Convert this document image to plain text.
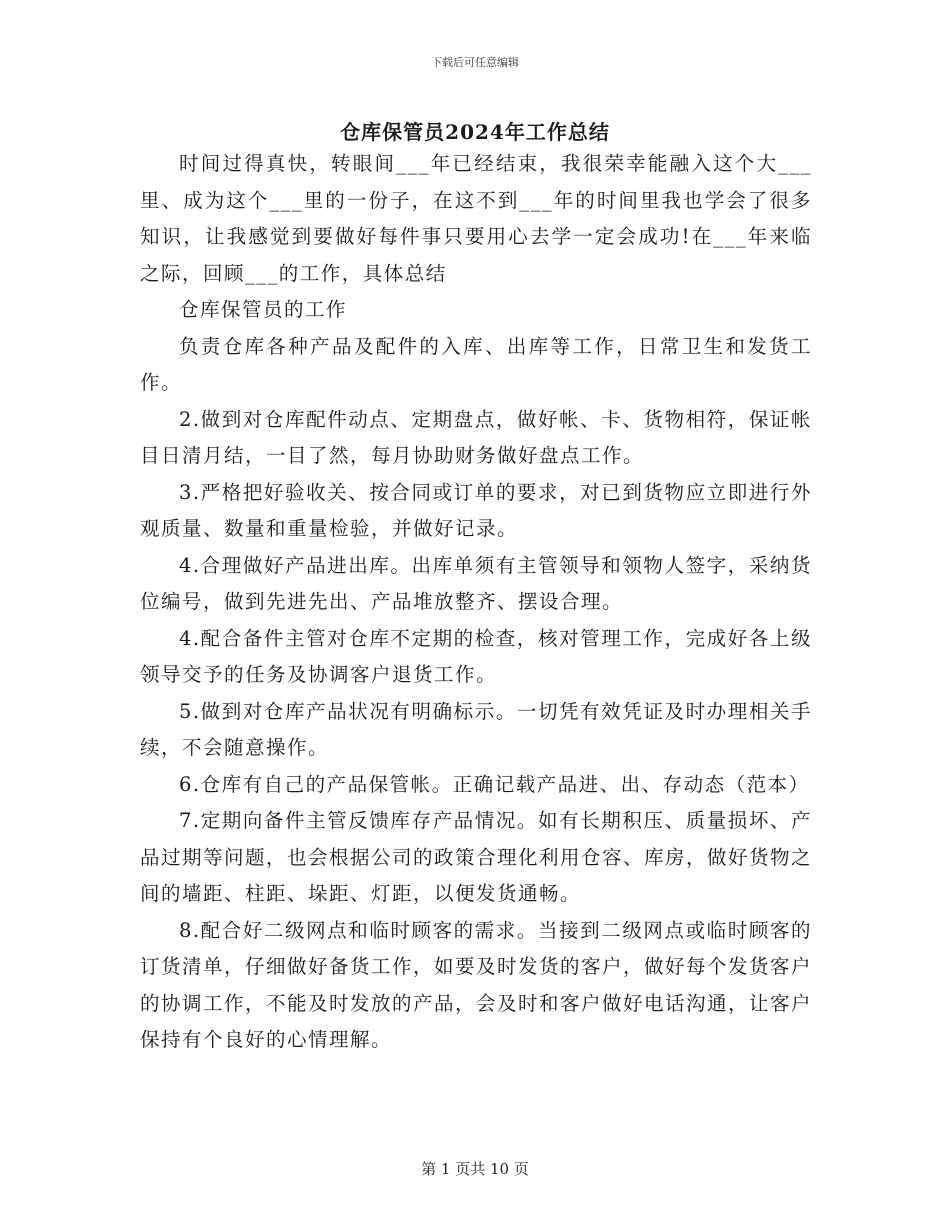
下载后可任意编辑
仓库保管员2024年工作总结

时间过得真快，转眼间___年已经结束，我很荣幸能融入这个大___里、成为这个___里的一份子，在这不到___年的时间里我也学会了很多知识，让我感觉到要做好每件事只要用心去学一定会成功!在___年来临之际，回顾___的工作，具体总结

仓库保管员的工作

负责仓库各种产品及配件的入库、出库等工作，日常卫生和发货工作。

2.做到对仓库配件动点、定期盘点，做好帐、卡、货物相符，保证帐目日清月结，一目了然，每月协助财务做好盘点工作。

3.严格把好验收关、按合同或订单的要求，对已到货物应立即进行外观质量、数量和重量检验，并做好记录。

4.合理做好产品进出库。出库单须有主管领导和领物人签字，采纳货位编号，做到先进先出、产品堆放整齐、摆设合理。

4.配合备件主管对仓库不定期的检查，核对管理工作，完成好各上级领导交予的任务及协调客户退货工作。

5.做到对仓库产品状况有明确标示。一切凭有效凭证及时办理相关手续，不会随意操作。

6.仓库有自己的产品保管帐。正确记载产品进、出、存动态（范本）

7.定期向备件主管反馈库存产品情况。如有长期积压、质量损坏、产品过期等问题，也会根据公司的政策合理化利用仓容、库房，做好货物之间的墙距、柱距、垛距、灯距，以便发货通畅。

8.配合好二级网点和临时顾客的需求。当接到二级网点或临时顾客的订货清单，仔细做好备货工作，如要及时发货的客户，做好每个发货客户的协调工作，不能及时发放的产品，会及时和客户做好电话沟通，让客户保持有个良好的心情理解。

第 1 页共 10 页
